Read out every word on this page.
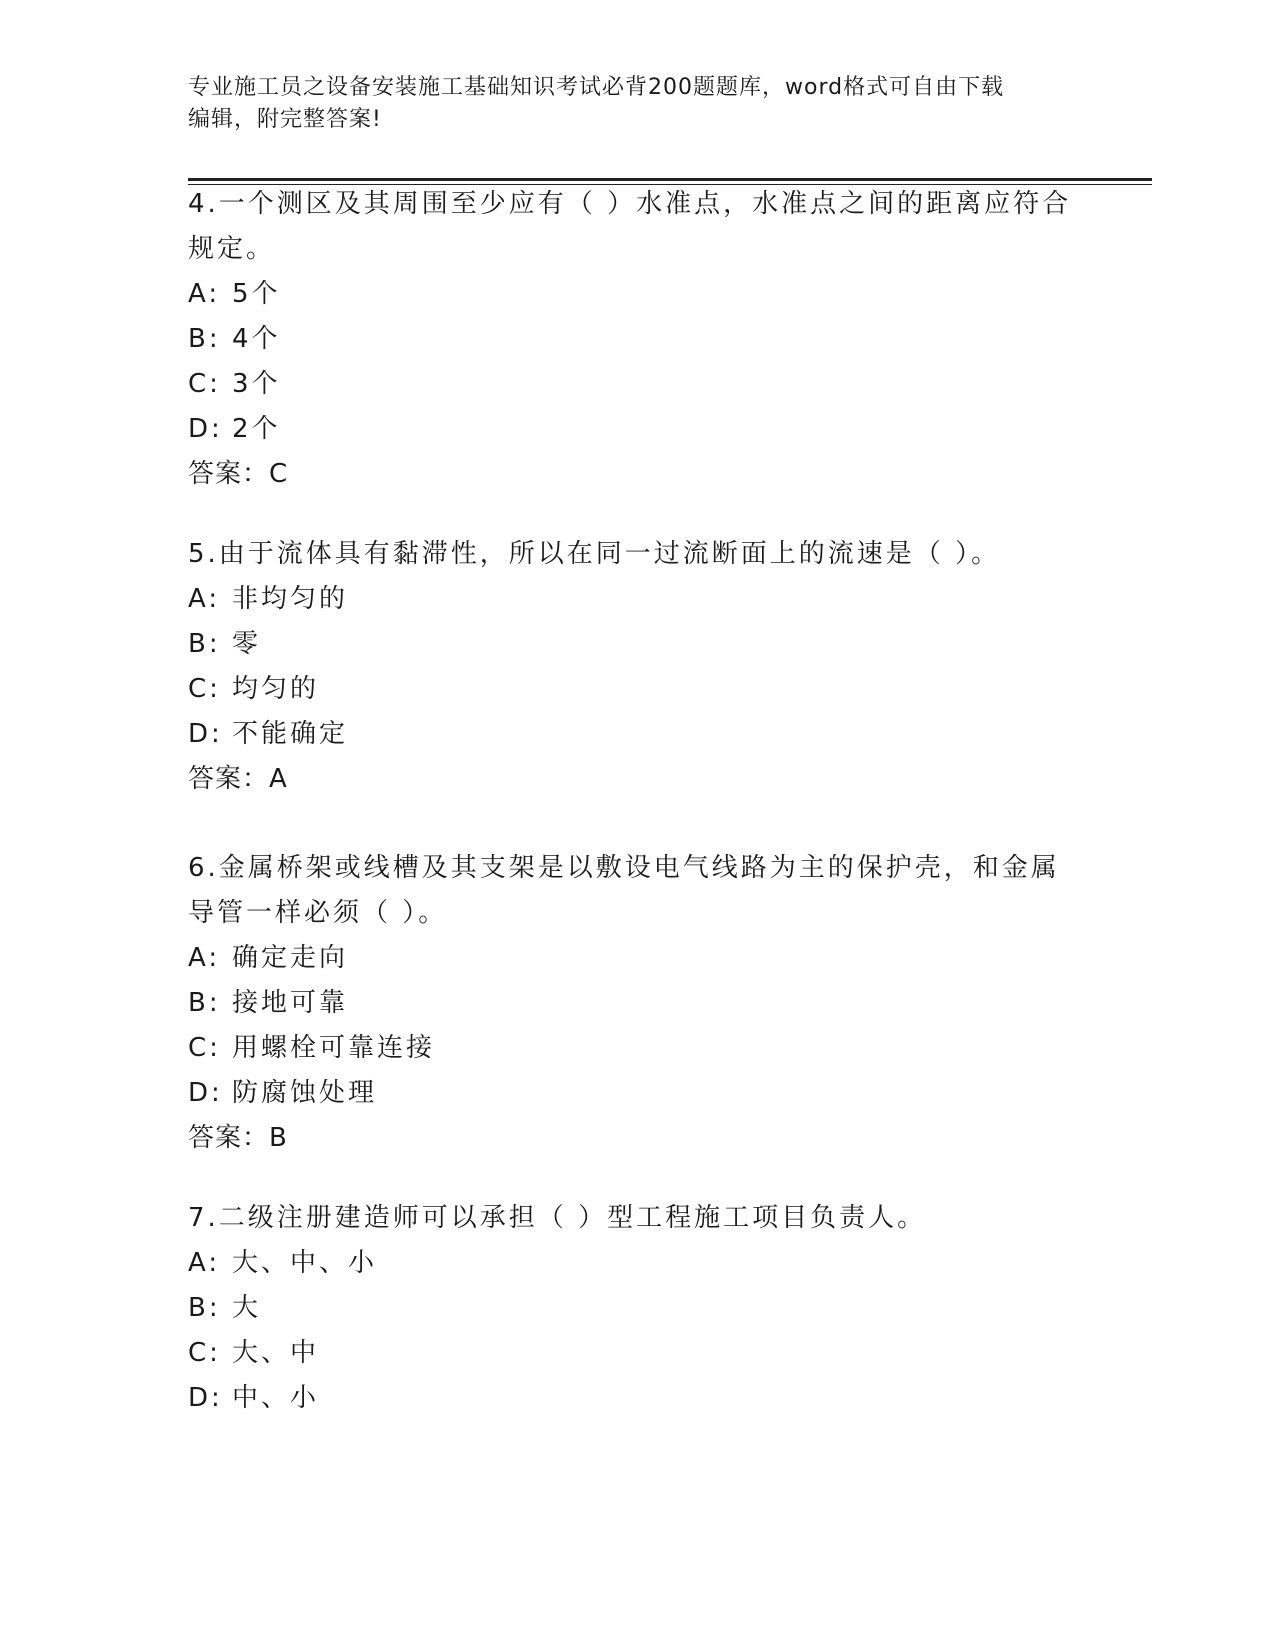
专业施工员之设备安装施工基础知识考试必背200题题库，word格式可自由下载
编辑，附完整答案!

4.一个测区及其周围至少应有（ ）水准点，水准点之间的距离应符合

规定。

A: 5个

B: 4个

C: 3个

D: 2个

答案：C

5.由于流体具有黏滞性，所以在同一过流断面上的流速是（ ）。

A: 非均匀的

B: 零

C: 均匀的

D: 不能确定

答案：A

6.金属桥架或线槽及其支架是以敷设电气线路为主的保护壳，和金属

导管一样必须（ ）。

A: 确定走向

B: 接地可靠

C: 用螺栓可靠连接

D: 防腐蚀处理

答案：B

7.二级注册建造师可以承担（ ）型工程施工项目负责人。

A: 大、中、小

B: 大

C: 大、中

D: 中、小
